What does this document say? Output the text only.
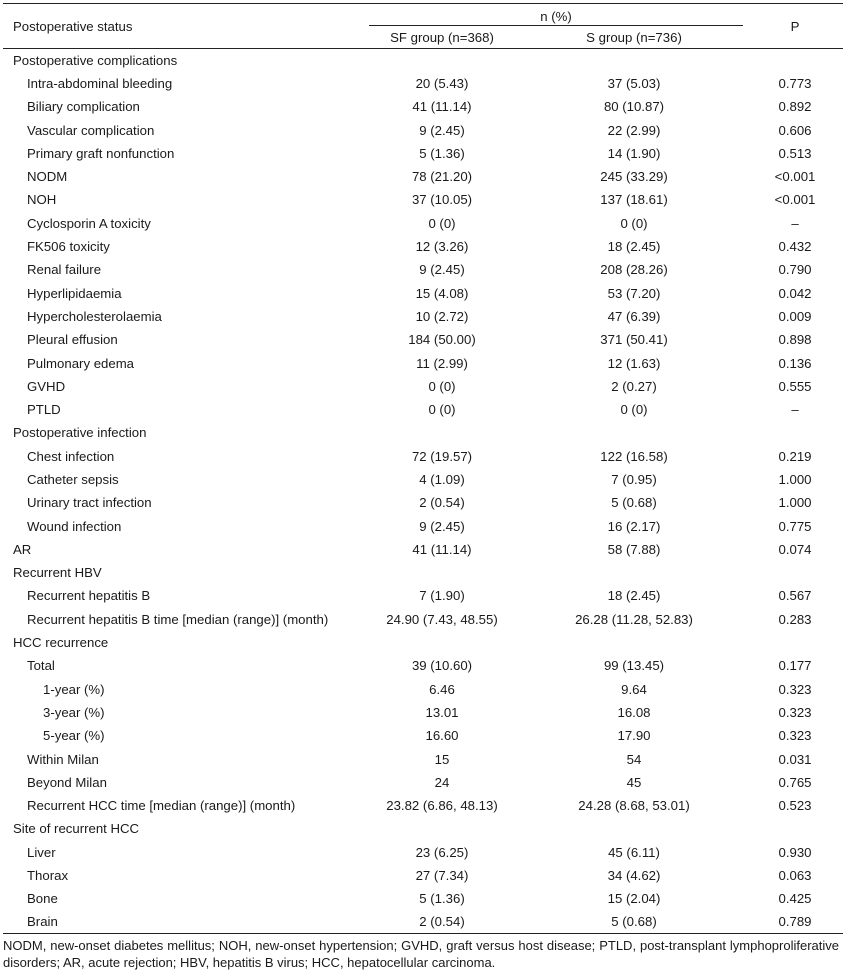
Postoperative status	n (%)		P
	SF group (n=368)	S group (n=736)	
Postoperative complications			
Intra-abdominal bleeding	20 (5.43)	37 (5.03)	0.773
Biliary complication	41 (11.14)	80 (10.87)	0.892
Vascular complication	9 (2.45)	22 (2.99)	0.606
Primary graft nonfunction	5 (1.36)	14 (1.90)	0.513
NODM	78 (21.20)	245 (33.29)	<0.001
NOH	37 (10.05)	137 (18.61)	<0.001
Cyclosporin A toxicity	0 (0)	0 (0)	–
FK506 toxicity	12 (3.26)	18 (2.45)	0.432
Renal failure	9 (2.45)	208 (28.26)	0.790
Hyperlipidaemia	15 (4.08)	53 (7.20)	0.042
Hypercholesterolaemia	10 (2.72)	47 (6.39)	0.009
Pleural effusion	184 (50.00)	371 (50.41)	0.898
Pulmonary edema	11 (2.99)	12 (1.63)	0.136
GVHD	0 (0)	2 (0.27)	0.555
PTLD	0 (0)	0 (0)	–
Postoperative infection			
Chest infection	72 (19.57)	122 (16.58)	0.219
Catheter sepsis	4 (1.09)	7 (0.95)	1.000
Urinary tract infection	2 (0.54)	5 (0.68)	1.000
Wound infection	9 (2.45)	16 (2.17)	0.775
AR	41 (11.14)	58 (7.88)	0.074
Recurrent HBV			
Recurrent hepatitis B	7 (1.90)	18 (2.45)	0.567
Recurrent hepatitis B time [median (range)] (month)	24.90 (7.43, 48.55)	26.28 (11.28, 52.83)	0.283
HCC recurrence			
Total	39 (10.60)	99 (13.45)	0.177
1-year (%)	6.46	9.64	0.323
3-year (%)	13.01	16.08	0.323
5-year (%)	16.60	17.90	0.323
Within Milan	15	54	0.031
Beyond Milan	24	45	0.765
Recurrent HCC time [median (range)] (month)	23.82 (6.86, 48.13)	24.28 (8.68, 53.01)	0.523
Site of recurrent HCC			
Liver	23 (6.25)	45 (6.11)	0.930
Thorax	27 (7.34)	34 (4.62)	0.063
Bone	5 (1.36)	15 (2.04)	0.425
Brain	2 (0.54)	5 (0.68)	0.789
NODM, new-onset diabetes mellitus; NOH, new-onset hypertension; GVHD, graft versus host disease; PTLD, post-transplant lymphoproliferative disorders; AR, acute rejection; HBV, hepatitis B virus; HCC, hepatocellular carcinoma.
